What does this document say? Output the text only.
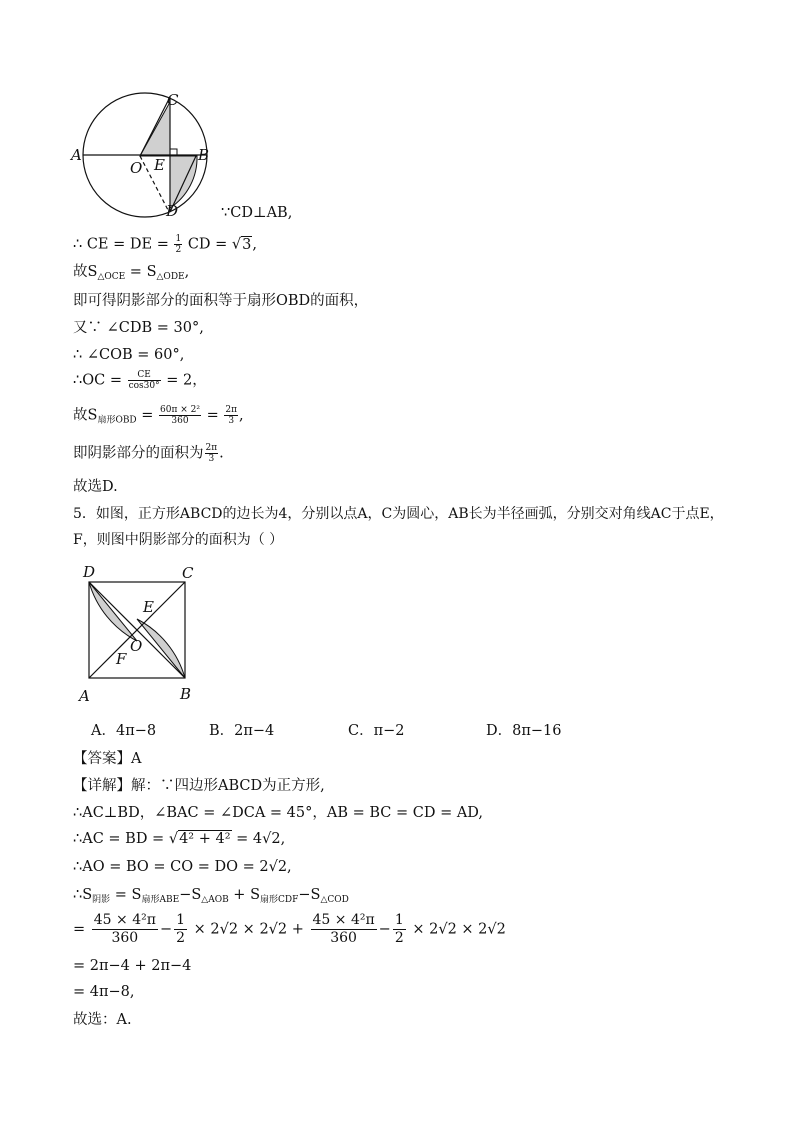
A	B
C
D
O E
∵CD⊥AB,
∴ CE = DE = $\frac{1}{2}$ CD = √3,
故$S_{\triangle OCE} = S_{\triangle ODE}$,
即可得阴影部分的面积等于扇形OBD的面积，
又∵ ∠CDB = 30°,
∴ ∠COB = 60°,
∴OC = $\frac{CE}{\cos 30^\circ} = 2$，
故$S_{扇形OBD} = \frac{\text{60π × 2²}}{360} = \frac{2\pi}{3}$ ,
即阴影部分的面积为 $\frac{2\pi}{3}$ .
故选D.
5．如图，正方形ABCD的边长为4，分别以点A，C为圆心，AB长为半径画弧，分别交对角线AC于点E，
F，则图中阴影部分的面积为（ ）
D	C
A	B
E
O
F
A．4π−8	B．2π−4	C．π−2	D．8π−16
【答案】A
【详解】解：∵四边形ABCD为正方形,
∴AC⊥BD，∠BAC = ∠DCA = 45°，AB = BC = CD = AD,
∴AC = BD = √4² + 4² = 4√2,
∴AO = BO = CO = DO = 2√2,
$\therefore S_{阴影} = S_{扇形ABE}-S_{\triangle AOB} + S_{扇形CDF}-S_{\triangle COD}$
= $\frac{\text{45 × 4²π}}{360} - \frac{1}{2} \times 2√2 \times 2√2 + \frac{\text{45 × 4²π}}{360} - \frac{1}{2} \times 2√2 \times 2√2$
= 2π−4 + 2π−4
= 4π−8,
故选：A.
